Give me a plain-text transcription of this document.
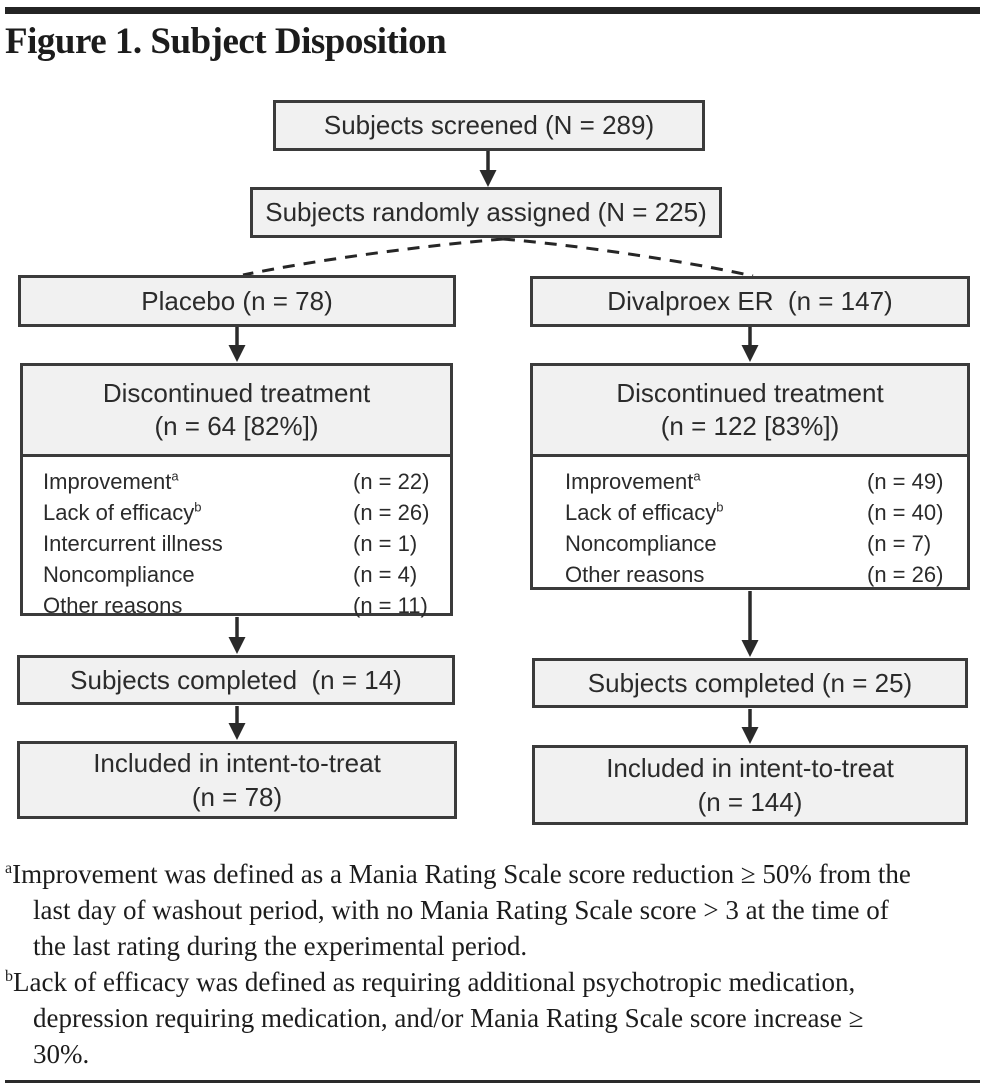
Figure 1. Subject Disposition
Subjects screened (N = 289)
Subjects randomly assigned (N = 225)
Placebo (n = 78)	Divalproex ER  (n = 147)
Discontinued treatment
(n = 64 [82%])
Improvement$^a$	(n = 22)
Lack of efficacy$^b$	(n = 26)
Intercurrent illness	(n = 1)
Noncompliance	(n = 4)
Other reasons	(n = 11)
Discontinued treatment
(n = 122 [83%])
Improvement$^a$	(n = 49)
Lack of efficacy$^b$	(n = 40)
Noncompliance	(n = 7)
Other reasons	(n = 26)
Subjects completed  (n = 14)
Included in intent-to-treat
(n = 78)
Subjects completed (n = 25)
Included in intent-to-treat
(n = 144)

$^a$Improvement was defined as a Mania Rating Scale score reduction ≥ 50% from the last day of washout period, with no Mania Rating Scale score > 3 at the time of the last rating during the experimental period.

$^b$Lack of efficacy was defined as requiring additional psychotropic medication, depression requiring medication, and/or Mania Rating Scale score increase ≥ 30%.
